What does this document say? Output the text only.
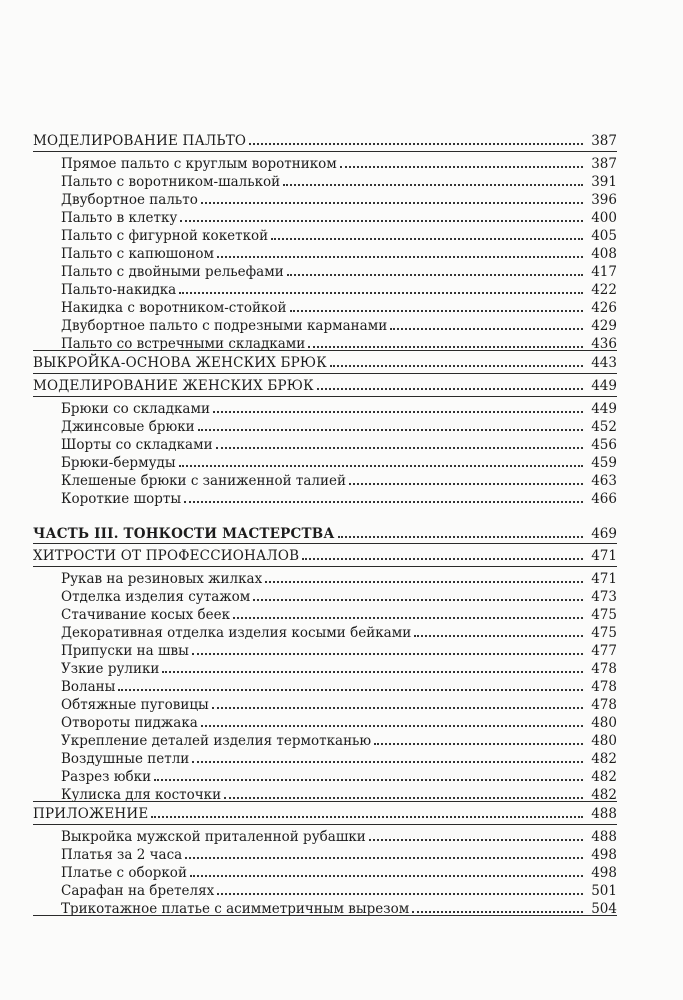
МОДЕЛИРОВАНИЕ ПАЛЬТО	387
Прямое пальто с круглым воротником	387
Пальто с воротником-шалькой	391
Двубортное пальто	396
Пальто в клетку	400
Пальто с фигурной кокеткой	405
Пальто с капюшоном	408
Пальто с двойными рельефами	417
Пальто-накидка	422
Накидка с воротником-стойкой	426
Двубортное пальто с подрезными карманами	429
Пальто со встречными складками	436
ВЫКРОЙКА-ОСНОВА ЖЕНСКИХ БРЮК	443
МОДЕЛИРОВАНИЕ ЖЕНСКИХ БРЮК	449
Брюки со складками	449
Джинсовые брюки	452
Шорты со складками	456
Брюки-бермуды	459
Клешеные брюки с заниженной талией	463
Короткие шорты	466
ЧАСТЬ III. ТОНКОСТИ МАСТЕРСТВА	469
ХИТРОСТИ ОТ ПРОФЕССИОНАЛОВ	471
Рукав на резиновых жилках	471
Отделка изделия сутажом	473
Стачивание косых беек	475
Декоративная отделка изделия косыми бейками	475
Припуски на швы	477
Узкие рулики	478
Воланы	478
Обтяжные пуговицы	478
Отвороты пиджака	480
Укрепление деталей изделия термотканью	480
Воздушные петли	482
Разрез юбки	482
Кулиска для косточки	482
ПРИЛОЖЕНИЕ	488
Выкройка мужской приталенной рубашки	488
Платья за 2 часа	498
Платье с оборкой	498
Сарафан на бретелях	501
Трикотажное платье с асимметричным вырезом	504
